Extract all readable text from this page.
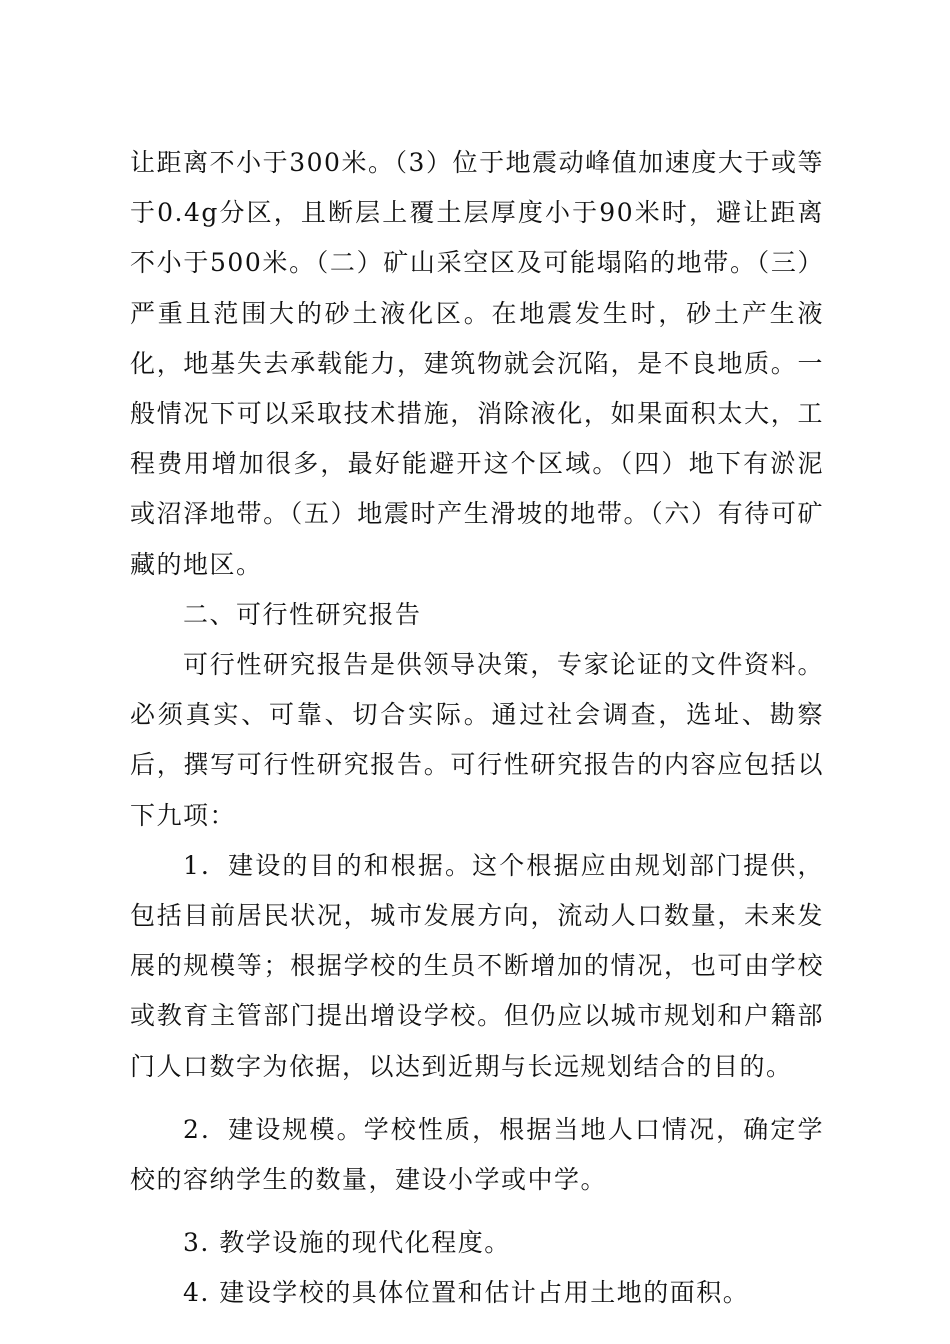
让距离不小于300米。（3）位于地震动峰值加速度大于或等于0.4g分区，且断层上覆土层厚度小于90米时，避让距离不小于500米。（二）矿山采空区及可能塌陷的地带。（三）严重且范围大的砂土液化区。在地震发生时，砂土产生液化，地基失去承载能力，建筑物就会沉陷，是不良地质。一般情况下可以采取技术措施，消除液化，如果面积太大，工程费用增加很多，最好能避开这个区域。（四）地下有淤泥或沼泽地带。（五）地震时产生滑坡的地带。（六）有待可矿藏的地区。

二、可行性研究报告

可行性研究报告是供领导决策，专家论证的文件资料。必须真实、可靠、切合实际。通过社会调查，选址、勘察后，撰写可行性研究报告。可行性研究报告的内容应包括以下九项：

1．建设的目的和根据。这个根据应由规划部门提供，包括目前居民状况，城市发展方向，流动人口数量，未来发展的规模等；根据学校的生员不断增加的情况，也可由学校或教育主管部门提出增设学校。但仍应以城市规划和户籍部门人口数字为依据，以达到近期与长远规划结合的目的。

2．建设规模。学校性质，根据当地人口情况，确定学校的容纳学生的数量，建设小学或中学。

3. 教学设施的现代化程度。

4. 建设学校的具体位置和估计占用土地的面积。
